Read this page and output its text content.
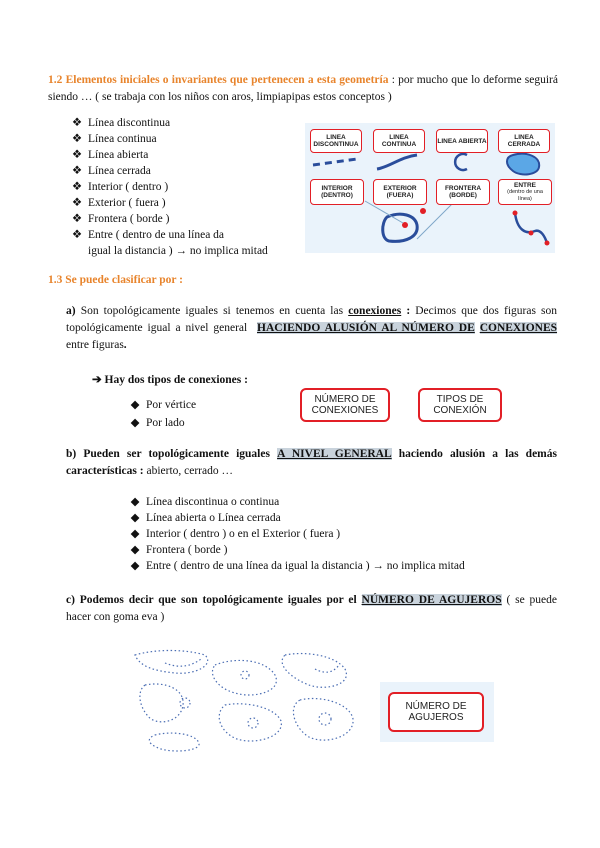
1.2 Elementos iniciales o invariantes que pertenecen a esta geometría : por mucho que lo deforme seguirá siendo … ( se trabaja con los niños con aros, limpiapipas estos conceptos )
❖ Línea discontinua
❖ Línea continua
❖ Línea abierta
❖ Línea cerrada
❖ Interior ( dentro )
❖ Exterior ( fuera )
❖ Frontera ( borde )
❖ Entre ( dentro de una línea da
igual la distancia ) → no implica mitad
LINEA DISCONTINUA
LINEA CONTINUA	LINEA ABIERTA	LINEA CERRADA
INTERIOR (DENTRO)
EXTERIOR (FUERA)
FRONTERA (BORDE)
ENTRE
(dentro de una
línea)
1.3 Se puede clasificar por :
a) Son topológicamente iguales si tenemos en cuenta las conexiones : Decimos que dos figuras son topológicamente igual a nivel general HACIENDO ALUSIÓN AL NÚMERO DE CONEXIONES entre figuras.
➔ Hay dos tipos de conexiones :
◆ Por vértice
◆ Por lado
NÚMERO DE
CONEXIONES
TIPOS DE
CONEXIÓN
b) Pueden ser topológicamente iguales A NIVEL GENERAL haciendo alusión a las demás características : abierto, cerrado …
◆ Línea discontinua o continua
◆ Línea abierta o Línea cerrada
◆ Interior ( dentro ) o en el Exterior ( fuera )
◆ Frontera ( borde )
◆ Entre ( dentro de una línea da igual la distancia ) → no implica mitad
c) Podemos decir que son topológicamente iguales por el NÚMERO DE AGUJEROS ( se puede hacer con goma eva )
NÚMERO DE
AGUJEROS
